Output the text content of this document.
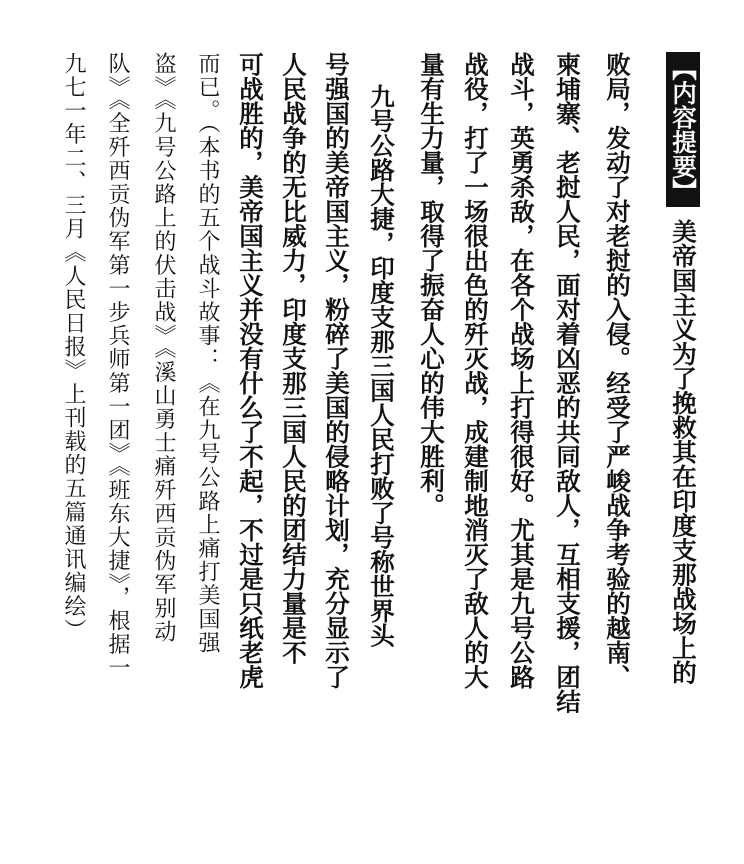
【内容提要】美帝国主义为了挽救其在印度支那战场上的
败局，发动了对老挝的入侵。经受了严峻战争考验的越南、
柬埔寨、老挝人民，面对着凶恶的共同敌人，互相支援，团结
战斗，英勇杀敌，在各个战场上打得很好。尤其是九号公路
战役，打了一场很出色的歼灭战，成建制地消灭了敌人的大
量有生力量，取得了振奋人心的伟大胜利。
九号公路大捷，印度支那三国人民打败了号称世界头
号强国的美帝国主义，粉碎了美国的侵略计划，充分显示了
人民战争的无比威力，印度支那三国人民的团结力量是不
可战胜的，美帝国主义并没有什么了不起，不过是只纸老虎
而已。（本书的五个战斗故事：《在九号公路上痛打美国强
盗》《九号公路上的伏击战》《溪山勇士痛歼西贡伪军别动
队》《全歼西贡伪军第一步兵师第一团》《班东大捷》，根据一
九七一年二、三月《人民日报》上刊载的五篇通讯编绘）
